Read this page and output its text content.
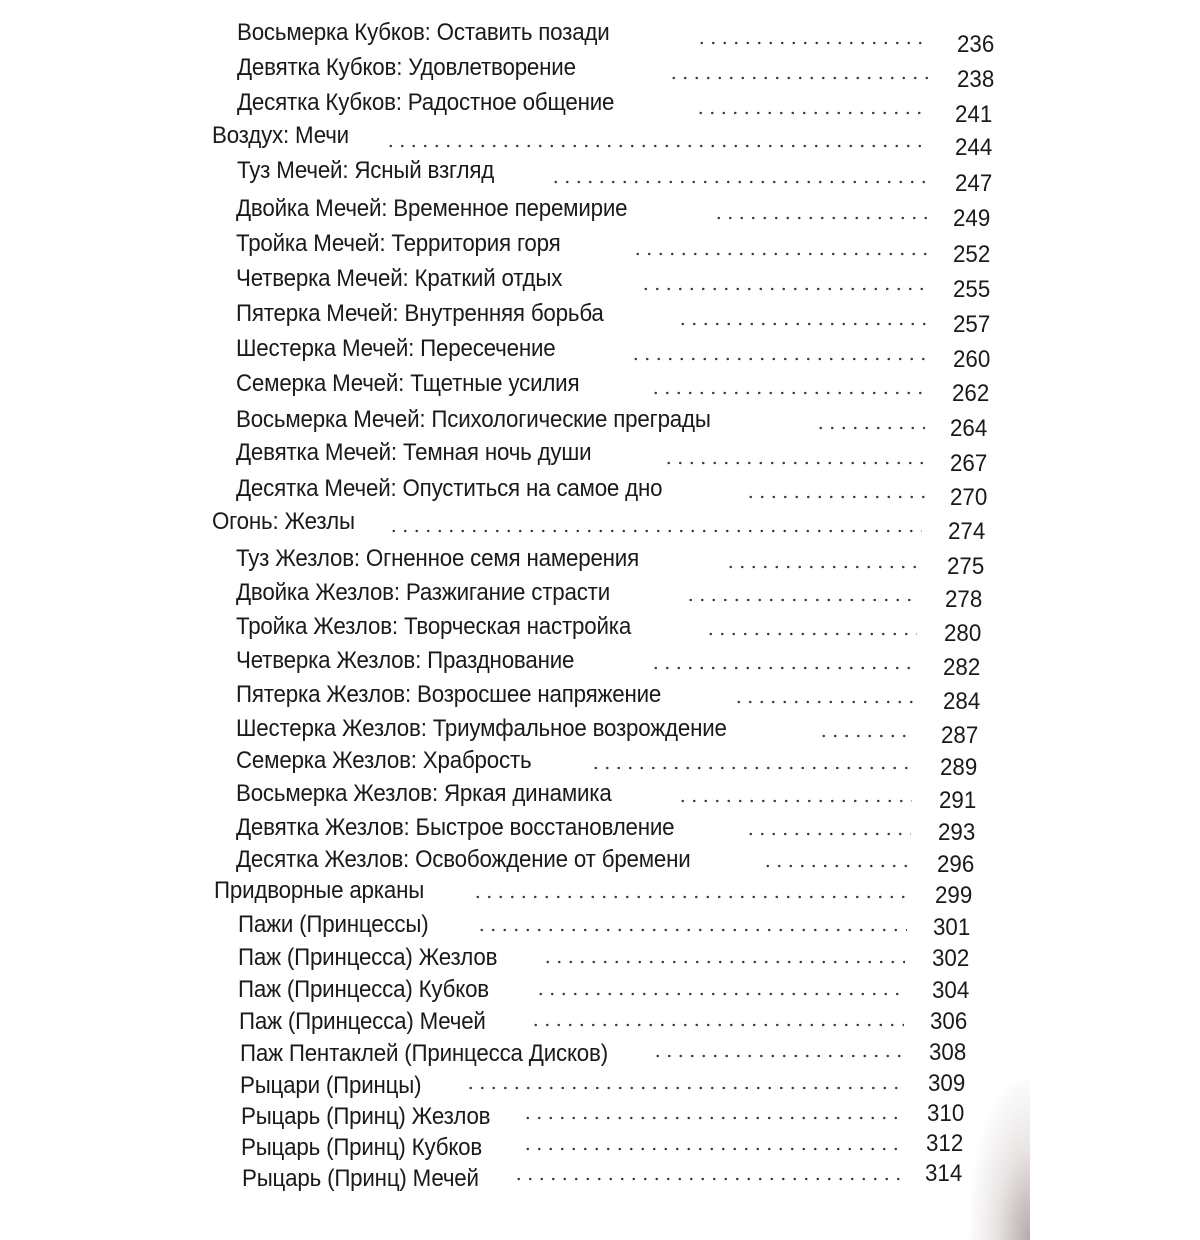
Восьмерка Кубков: Оставить позади	236
Девятка Кубков: Удовлетворение	238
Десятка Кубков: Радостное общение	241
Воздух: Мечи	244
Туз Мечей: Ясный взгляд	247
Двойка Мечей: Временное перемирие	249
Тройка Мечей: Территория горя	252
Четверка Мечей: Краткий отдых	255
Пятерка Мечей: Внутренняя борьба	257
Шестерка Мечей: Пересечение	260
Семерка Мечей: Тщетные усилия	262
Восьмерка Мечей: Психологические преграды	264
Девятка Мечей: Темная ночь души	267
Десятка Мечей: Опуститься на самое дно	270
Огонь: Жезлы	274
Туз Жезлов: Огненное семя намерения	275
Двойка Жезлов: Разжигание страсти	278
Тройка Жезлов: Творческая настройка	280
Четверка Жезлов: Празднование	282
Пятерка Жезлов: Возросшее напряжение	284
Шестерка Жезлов: Триумфальное возрождение	287
Семерка Жезлов: Храбрость	289
Восьмерка Жезлов: Яркая динамика	291
Девятка Жезлов: Быстрое восстановление	293
Десятка Жезлов: Освобождение от бремени	296
Придворные арканы	299
Пажи (Принцессы)	301
Паж (Принцесса) Жезлов	302
Паж (Принцесса) Кубков	304
Паж (Принцесса) Мечей	306
Паж Пентаклей (Принцесса Дисков)	308
Рыцари (Принцы)	309
Рыцарь (Принц) Жезлов	310
Рыцарь (Принц) Кубков	312
Рыцарь (Принц) Мечей	314
